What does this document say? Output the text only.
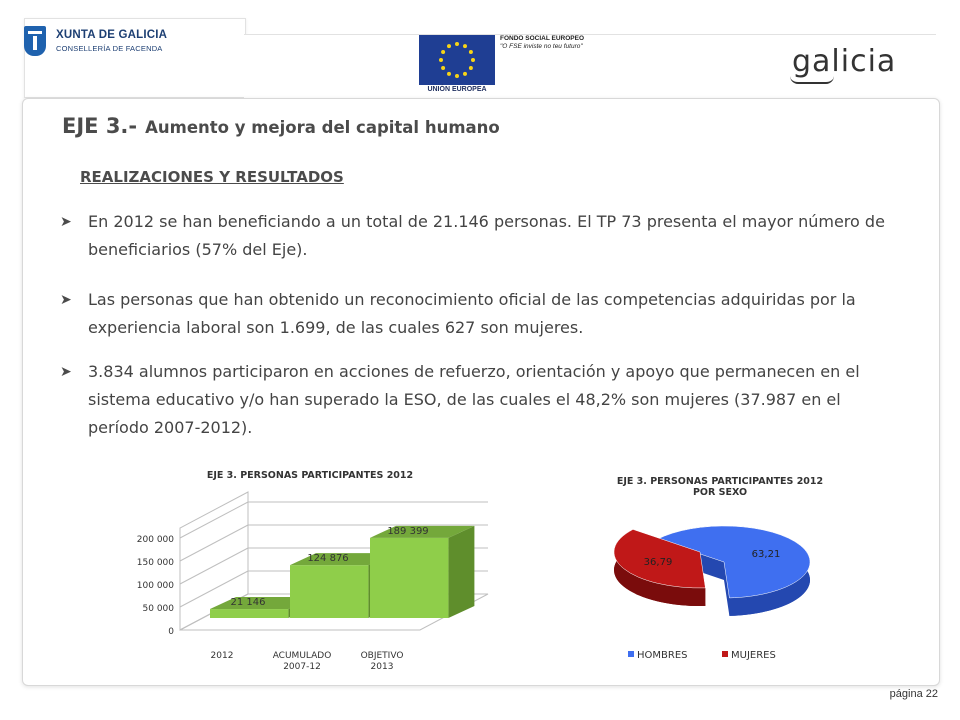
XUNTA DE GALICIA
CONSELLERÍA DE FACENDA
UNIÓN EUROPEA
FONDO SOCIAL EUROPEO
"O FSE inviste no teu futuro"	galicia
EJE 3.- Aumento y mejora del capital humano
REALIZACIONES Y RESULTADOS
➤ En 2012 se han beneficiando a un total de 21.146 personas. El TP 73 presenta el mayor número de beneficiarios (57% del Eje).
➤ Las personas que han obtenido un reconocimiento oficial de las competencias adquiridas por la experiencia laboral son 1.699, de las cuales 627 son mujeres.
➤ 3.834 alumnos participaron en acciones de refuerzo, orientación y apoyo que permanecen en el sistema educativo y/o han superado la ESO, de las cuales el 48,2% son mujeres (37.987 en el período 2007-2012).
EJE 3. PERSONAS PARTICIPANTES 2012
0
50 000
100 000
150 000
200 000
21 146
124 876
189 399
2012	ACUMULADO
2007-12
OBJETIVO
2013
EJE 3. PERSONAS PARTICIPANTES 2012
POR SEXO
63,21
36,79
HOMBRES	MUJERES
página 22
